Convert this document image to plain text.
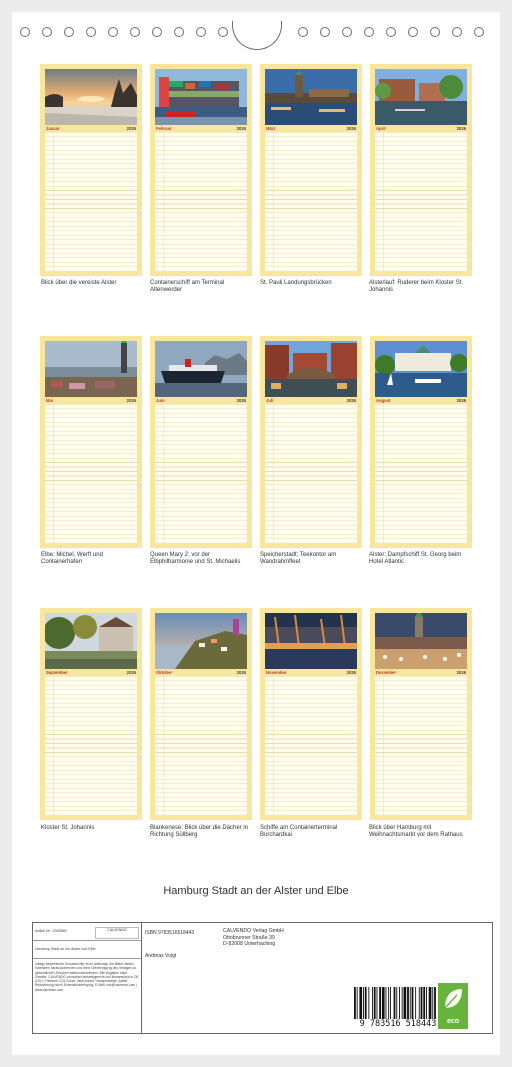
Januar	2026	Februar	2026	März	2026	April	2026
Mai	2026	Juni	2026	Juli	2026	August	2026
September	2026	Oktober	2026	November	2026	Dezember	2026
Blick über die vereiste Alster	Containerschiff am Terminal Altenwerder
St. Pauli Landungsbrücken	Alsterlauf: Ruderer beim Kloster St. Johannis
Elbe: Michel, Werft und Containerhafen
Queen Mary 2: vor der Elbphilharmonie und St. Michaelis
Speicherstadt: Teekontor am Wandrahmfleet
Alster: Dampfschiff St. Georg beim Hotel Atlantic
Kloster St. Johannis	Blankenese: Blick über die Dächer in Richtung Süllberg
Schiffe am Containerterminal Burchardkai
Blick über Hamburg mit Weihnachtsmarkt vor dem Rathaus
Hamburg Stadt an der Alster und Elbe
Artikel Nr.: 2090889	CALVENDO
Hamburg Stadt an der Alster und Elbe
Infolge bestehender Schutzrechte ist es untersagt, die Bilder dieses Kalenders herauszutrennen und ohne Genehmigung des Verlages zu gewerblichen Zwecken weiterzuverwenden. Alle Angaben ohne Gewähr. CALVENDO produziert bedarfsgerecht und klimaneutral in DE & EU. Premium CO2-Druck; dank kurzer Transportwege. Abfall-Reduzierung durch Einzelstückfertigung. E-Mail: info@calvendo.com | www.calvendo.com
ISBN 9783516518443
Andreas Voigt
CALVENDO Verlag GmbH
Ottobrunner Straße 39
D-82008 Unterhaching
9 783516 518443	eco
